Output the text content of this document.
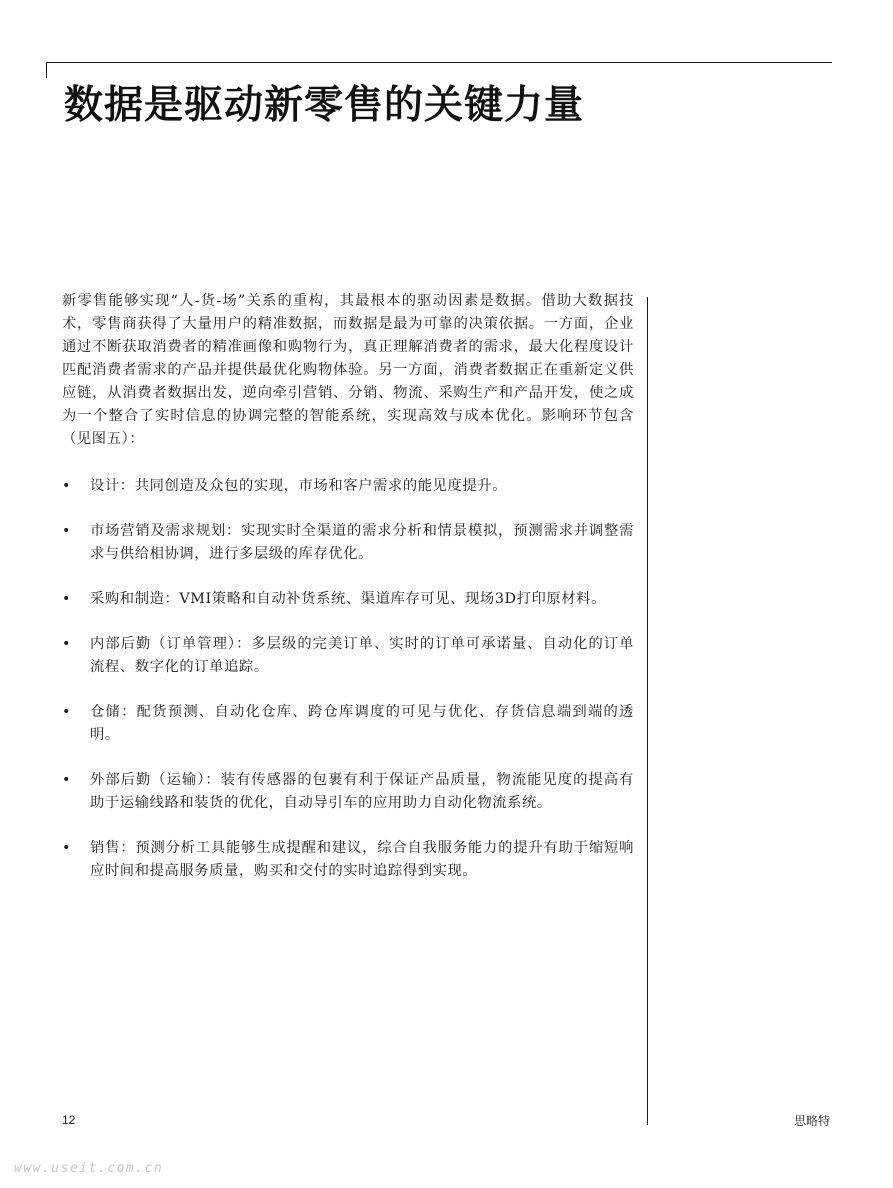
数据是驱动新零售的关键力量

新零售能够实现“人-货-场”关系的重构，其最根本的驱动因素是数据。借助大数据技术，零售商获得了大量用户的精准数据，而数据是最为可靠的决策依据。一方面，企业通过不断获取消费者的精准画像和购物行为，真正理解消费者的需求，最大化程度设计匹配消费者需求的产品并提供最优化购物体验。另一方面，消费者数据正在重新定义供应链，从消费者数据出发，逆向牵引营销、分销、物流、采购生产和产品开发，使之成为一个整合了实时信息的协调完整的智能系统，实现高效与成本优化。影响环节包含（见图五）：

• 设计：共同创造及众包的实现，市场和客户需求的能见度提升。
• 市场营销及需求规划：实现实时全渠道的需求分析和情景模拟，预测需求并调整需求与供给相协调，进行多层级的库存优化。
• 采购和制造：VMI策略和自动补货系统、渠道库存可见、现场3D打印原材料。
• 内部后勤（订单管理）：多层级的完美订单、实时的订单可承诺量、自动化的订单流程、数字化的订单追踪。
• 仓储：配货预测、自动化仓库、跨仓库调度的可见与优化、存货信息端到端的透明。
• 外部后勤（运输）：装有传感器的包裹有利于保证产品质量，物流能见度的提高有助于运输线路和装货的优化，自动导引车的应用助力自动化物流系统。
• 销售：预测分析工具能够生成提醒和建议，综合自我服务能力的提升有助于缩短响应时间和提高服务质量，购买和交付的实时追踪得到实现。
12	思略特
www.useit.com.cn
